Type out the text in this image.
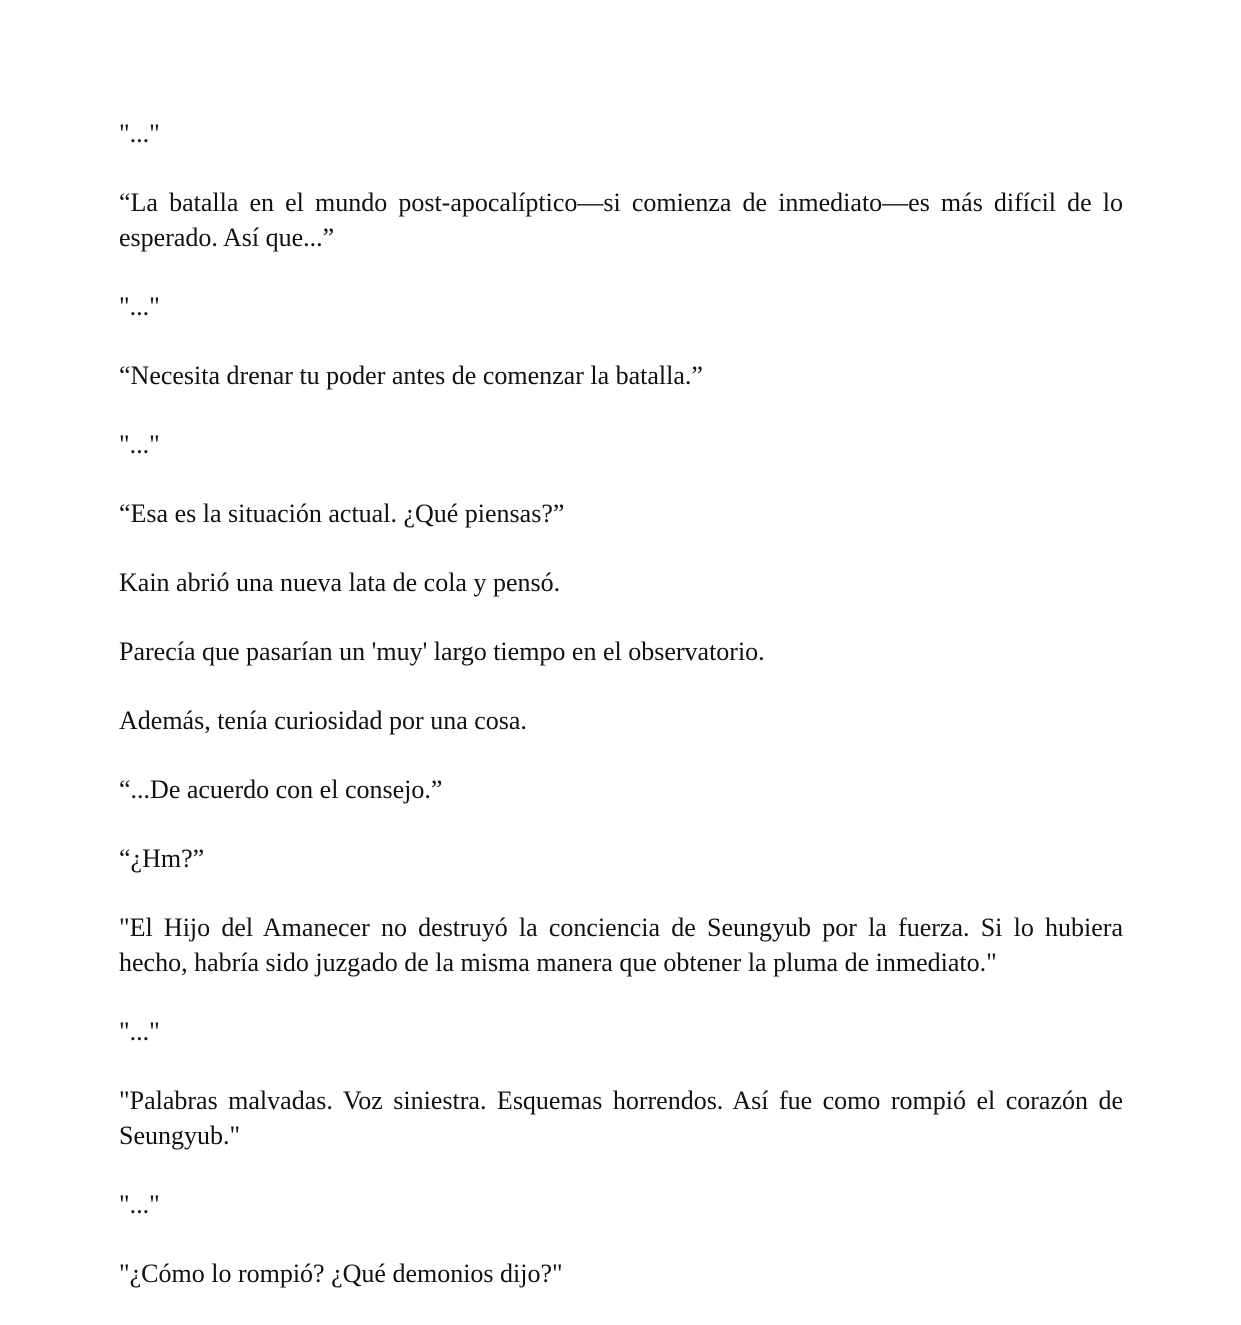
"..."

“La batalla en el mundo post-apocalíptico—si comienza de inmediato—es más difícil de lo esperado. Así que...”

"..."

“Necesita drenar tu poder antes de comenzar la batalla.”

"..."

“Esa es la situación actual. ¿Qué piensas?”

Kain abrió una nueva lata de cola y pensó.

Parecía que pasarían un 'muy' largo tiempo en el observatorio.

Además, tenía curiosidad por una cosa.

“...De acuerdo con el consejo.”

“¿Hm?”

"El Hijo del Amanecer no destruyó la conciencia de Seungyub por la fuerza. Si lo hubiera hecho, habría sido juzgado de la misma manera que obtener la pluma de inmediato."

"..."

"Palabras malvadas. Voz siniestra. Esquemas horrendos. Así fue como rompió el corazón de Seungyub."

"..."

"¿Cómo lo rompió? ¿Qué demonios dijo?"
